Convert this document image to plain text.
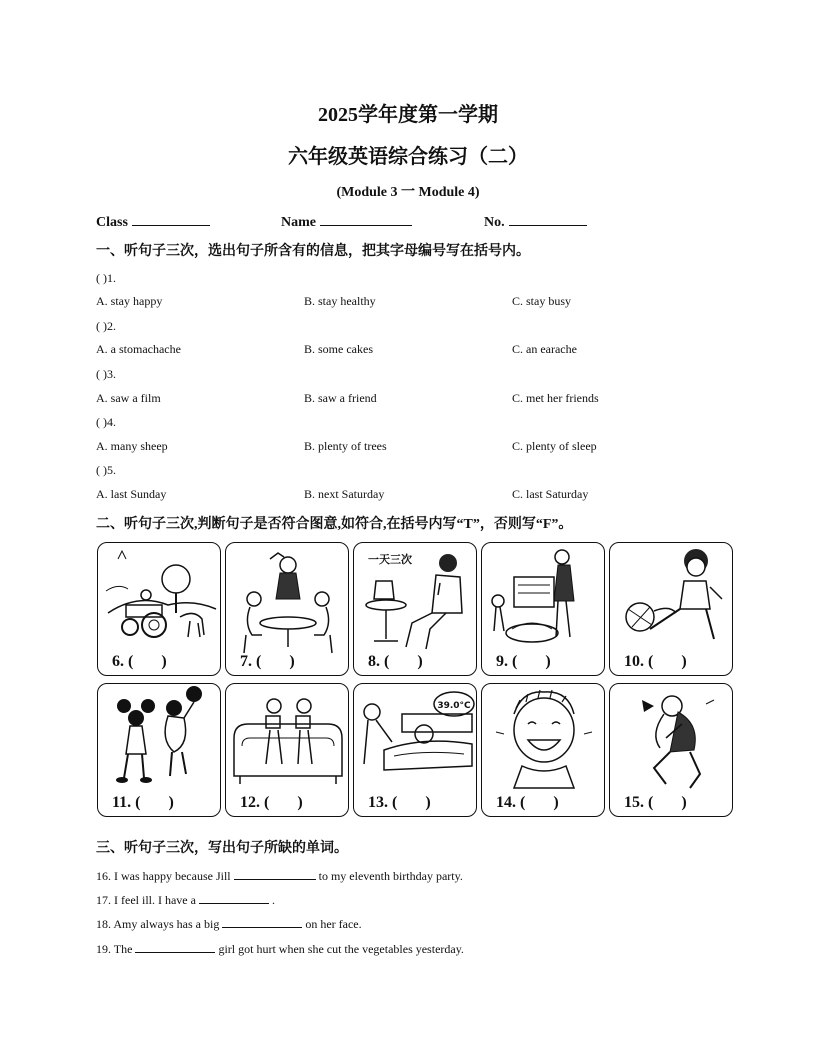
2025学年度第一学期
六年级英语综合练习（二）
(Module 3 一 Module 4)
Class	Name	No.
一、听句子三次，选出句子所含有的信息，把其字母编号写在括号内。
( )1.
A. stay happy	B. stay healthy	C. stay busy
( )2.
A. a stomachache	B. some cakes	C. an earache
( )3.
A. saw a film	B. saw a friend	C. met her friends
( )4.
A. many sheep	B. plenty of trees	C. plenty of sleep
( )5.
A. last Sunday	B. next Saturday	C. last Saturday
二、听句子三次,判断句子是否符合图意,如符合,在括号内写“T”，否则写“F”。
6. (       )	7. (       )
一天三次
8. (       )	9. (       )	10. (       )
11. (       )	12. (       )
39.0°C
13. (       )	14. (       )	15. (       )
三、听句子三次，写出句子所缺的单词。
16. I was happy because Jill	to my eleventh birthday party.
17. I feel ill. I have a	.
18. Amy always has a big	on her face.
19. The	girl got hurt when she cut the vegetables yesterday.
